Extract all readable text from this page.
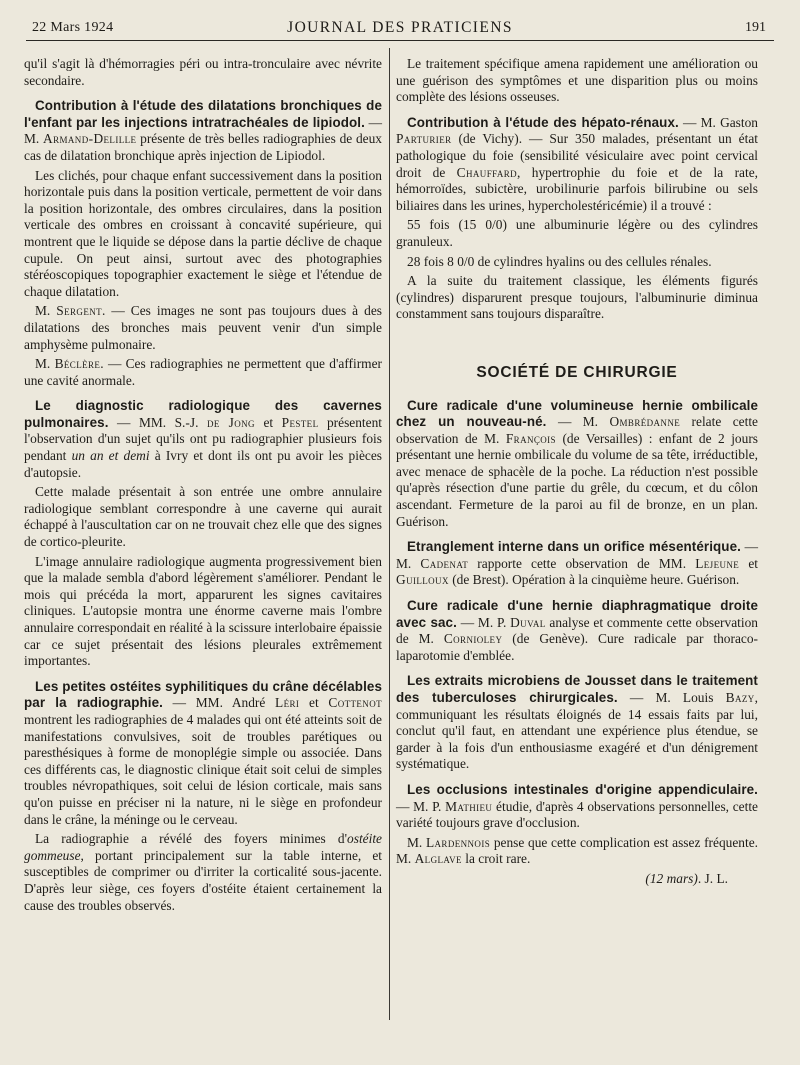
22 Mars 1924	JOURNAL DES PRATICIENS	191

qu'il s'agit là d'hémorragies péri ou intra-tronculaire avec névrite secondaire.

Contribution à l'étude des dilatations bronchiques de l'enfant par les injections intratrachéales de lipiodol. — M. Armand-Delille présente de très belles radiographies de deux cas de dilatation bronchique après injection de Lipiodol.

Les clichés, pour chaque enfant successivement dans la position horizontale puis dans la position verticale, permettent de voir dans la position horizontale, des ombres circulaires, dans la position verticale des ombres en croissant à concavité supérieure, qui montrent que le liquide se dépose dans la partie déclive de chaque cupule. On peut ainsi, surtout avec des photographies stéréoscopiques topographier exactement le siège et l'étendue de chaque dilatation.

M. Sergent. — Ces images ne sont pas toujours dues à des dilatations des bronches mais peuvent venir d'un simple amphysème pulmonaire.

M. Béclère. — Ces radiographies ne permettent que d'affirmer une cavité anormale.

Le diagnostic radiologique des cavernes pulmonaires. — MM. S.-J. de Jong et Pestel présentent l'observation d'un sujet qu'ils ont pu radiographier plusieurs fois pendant un an et demi à Ivry et dont ils ont pu avoir les pièces d'autopsie.

Cette malade présentait à son entrée une ombre annulaire radiologique semblant correspondre à une caverne qui aurait échappé à l'auscultation car on ne trouvait chez elle que des signes de cortico-pleurite.

L'image annulaire radiologique augmenta progressivement bien que la malade sembla d'abord légèrement s'améliorer. Pendant le mois qui précéda la mort, apparurent les signes cavitaires cliniques. L'autopsie montra une énorme caverne mais l'ombre annulaire correspondait en réalité à la scissure interlobaire épaissie car ce sujet présentait des lésions pleurales extrêmement importantes.

Les petites ostéites syphilitiques du crâne décélables par la radiographie. — MM. André Léri et Cottenot montrent les radiographies de 4 malades qui ont été atteints soit de manifestations convulsives, soit de troubles parétiques ou paresthésiques à forme de monoplégie simple ou associée. Dans ces différents cas, le diagnostic clinique était soit celui de simples troubles névropathiques, soit celui de lésion corticale, mais sans qu'on puisse en préciser ni la nature, ni le siège en profondeur dans le crâne, la méninge ou le cerveau.

La radiographie a révélé des foyers minimes d'ostéite gommeuse, portant principalement sur la table interne, et susceptibles de comprimer ou d'irriter la corticalité sous-jacente. D'après leur siège, ces foyers d'ostéite étaient certainement la cause des troubles observés.

Le traitement spécifique amena rapidement une amélioration ou une guérison des symptômes et une disparition plus ou moins complète des lésions osseuses.

Contribution à l'étude des hépato-rénaux. — M. Gaston Parturier (de Vichy). — Sur 350 malades, présentant un état pathologique du foie (sensibilité vésiculaire avec point cervical droit de Chauffard, hypertrophie du foie et de la rate, hémorroïdes, subictère, urobilinurie parfois bilirubine ou sels biliaires dans les urines, hypercholestéricémie) il a trouvé :

55 fois (15 0/0) une albuminurie légère ou des cylindres granuleux.

28 fois 8 0/0 de cylindres hyalins ou des cellules rénales.

A la suite du traitement classique, les éléments figurés (cylindres) disparurent presque toujours, l'albuminurie diminua constamment sans toujours disparaître.

SOCIÉTÉ DE CHIRURGIE

Cure radicale d'une volumineuse hernie ombilicale chez un nouveau-né. — M. Ombrédanne relate cette observation de M. François (de Versailles) : enfant de 2 jours présentant une hernie ombilicale du volume de sa tête, irréductible, avec menace de sphacèle de la poche. La réduction n'est possible qu'après résection d'une partie du grêle, du cœcum, et du côlon ascendant. Fermeture de la paroi au fil de bronze, en un plan. Guérison.

Etranglement interne dans un orifice mésentérique. — M. Cadenat rapporte cette observation de MM. Lejeune et Guilloux (de Brest). Opération à la cinquième heure. Guérison.

Cure radicale d'une hernie diaphragmatique droite avec sac. — M. P. Duval analyse et commente cette observation de M. Cornioley (de Genève). Cure radicale par thoraco-laparotomie d'emblée.

Les extraits microbiens de Jousset dans le traitement des tuberculoses chirurgicales. — M. Louis Bazy, communiquant les résultats éloignés de 14 essais faits par lui, conclut qu'il faut, en attendant une expérience plus étendue, se garder à la fois d'un enthousiasme exagéré et d'un dénigrement systématique.

Les occlusions intestinales d'origine appendiculaire. — M. P. Mathieu étudie, d'après 4 observations personnelles, cette variété toujours grave d'occlusion.

M. Lardennois pense que cette complication est assez fréquente. M. Alglave la croit rare.

(12 mars). J. L.
